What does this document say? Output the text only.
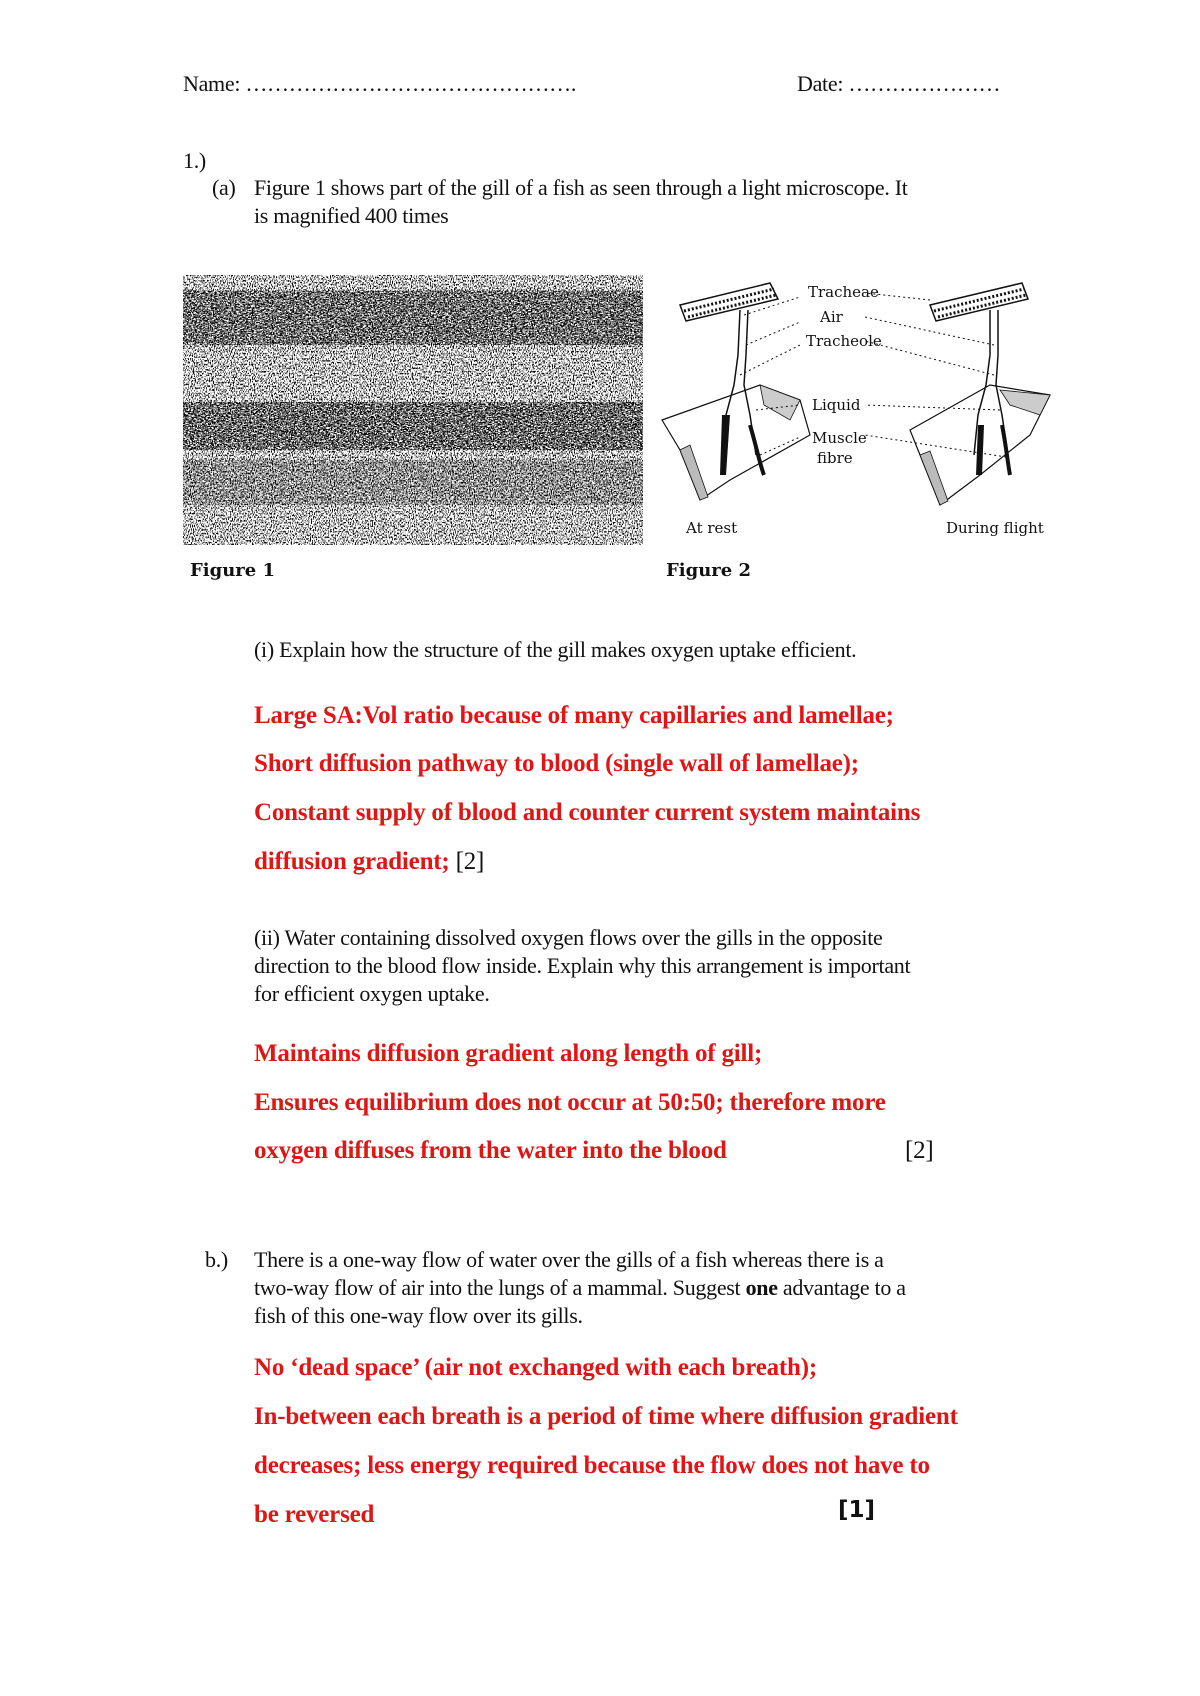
Name: ……………………………………….	Date: …………………
1.)
(a) Figure 1 shows part of the gill of a fish as seen through a light microscope. It
is magnified 400 times
Figure 1
Tracheae
Air
Tracheole
Liquid
Muscle
fibre
At rest	During flight
Figure 2
(i) Explain how the structure of the gill makes oxygen uptake efficient.
Large SA:Vol ratio because of many capillaries and lamellae;
Short diffusion pathway to blood (single wall of lamellae);
Constant supply of blood and counter current system maintains
diffusion gradient; [2]
(ii) Water containing dissolved oxygen flows over the gills in the opposite
direction to the blood flow inside. Explain why this arrangement is important
for efficient oxygen uptake.
Maintains diffusion gradient along length of gill;
Ensures equilibrium does not occur at 50:50; therefore more
oxygen diffuses from the water into the blood	[2]
b.) There is a one-way flow of water over the gills of a fish whereas there is a
two-way flow of air into the lungs of a mammal. Suggest one advantage to a
fish of this one-way flow over its gills.
No ‘dead space’ (air not exchanged with each breath);
In-between each breath is a period of time where diffusion gradient
decreases; less energy required because the flow does not have to
be reversed	[1]
